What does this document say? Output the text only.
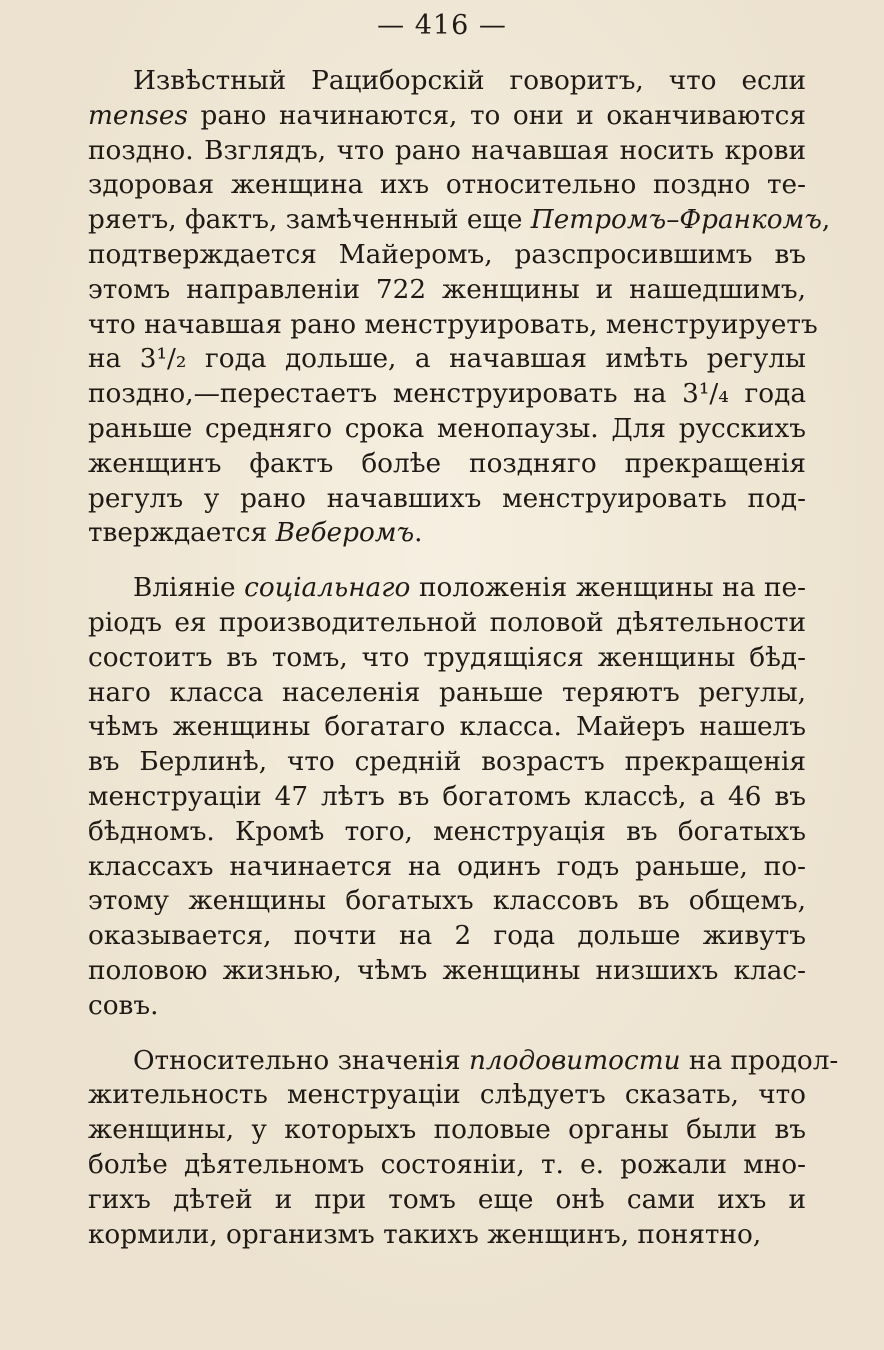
— 416 —
Извѣстный Рациборскій говоритъ, что если
menses рано начинаются, то они и оканчиваются
поздно. Взглядъ, что рано начавшая носить крови
здоровая женщина ихъ относительно поздно те-
ряетъ, фактъ, замѣченный еще Петромъ–Франкомъ,
подтверждается Майеромъ, разспросившимъ въ
этомъ направленіи 722 женщины и нашедшимъ,
что начавшая рано менструировать, менструируетъ
на 3¹/₂ года дольше, а начавшая имѣть регулы
поздно,—перестаетъ менструировать на 3¹/₄ года
раньше средняго срока менопаузы. Для русскихъ
женщинъ фактъ болѣе поздняго прекращенія
регулъ у рано начавшихъ менструировать под-
тверждается Веберомъ.
Вліяніе соціальнаго положенія женщины на пе-
ріодъ ея производительной половой дѣятельности
состоитъ въ томъ, что трудящіяся женщины бѣд-
наго класса населенія раньше теряютъ регулы,
чѣмъ женщины богатаго класса. Майеръ нашелъ
въ Берлинѣ, что средній возрастъ прекращенія
менструаціи 47 лѣтъ въ богатомъ классѣ, а 46 въ
бѣдномъ. Кромѣ того, менструація въ богатыхъ
классахъ начинается на одинъ годъ раньше, по-
этому женщины богатыхъ классовъ въ общемъ,
оказывается, почти на 2 года дольше живутъ
половою жизнью, чѣмъ женщины низшихъ клас-
совъ.
Относительно значенія плодовитости на продол-
жительность менструаціи слѣдуетъ сказать, что
женщины, у которыхъ половые органы были въ
болѣе дѣятельномъ состояніи, т. е. рожали мно-
гихъ дѣтей и при томъ еще онѣ сами ихъ и
кормили, организмъ такихъ женщинъ, понятно,
